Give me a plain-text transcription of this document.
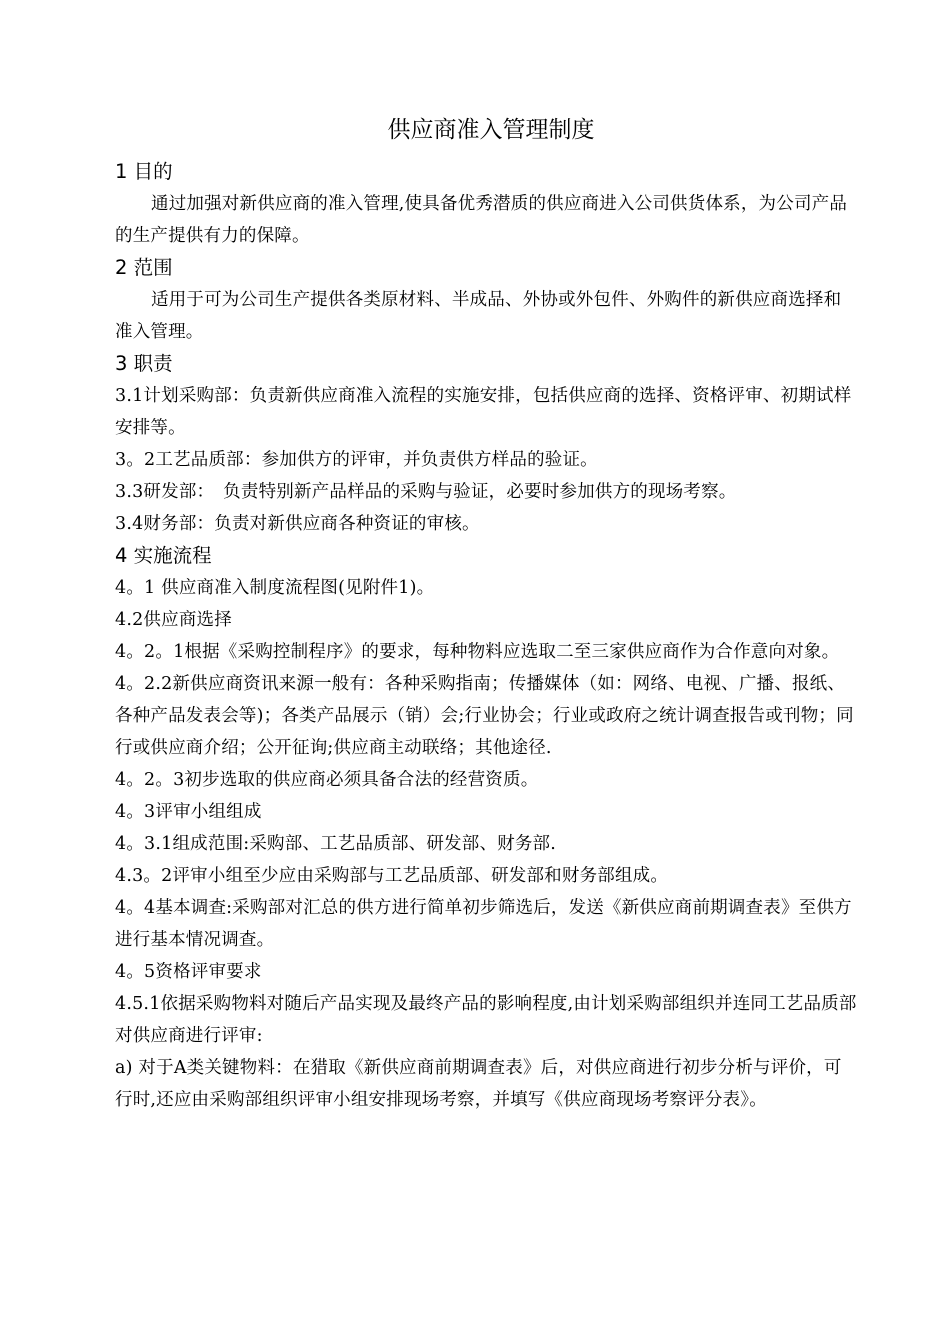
供应商准入管理制度
1 目的

通过加强对新供应商的准入管理,使具备优秀潜质的供应商进入公司供货体系，为公司产品的生产提供有力的保障。

2 范围

适用于可为公司生产提供各类原材料、半成品、外协或外包件、外购件的新供应商选择和准入管理。

3 职责

3.1计划采购部：负责新供应商准入流程的实施安排，包括供应商的选择、资格评审、初期试样安排等。

3。2工艺品质部：参加供方的评审，并负责供方样品的验证。

3.3研发部：　负责特别新产品样品的采购与验证，必要时参加供方的现场考察。

3.4财务部：负责对新供应商各种资证的审核。

4 实施流程

4。1 供应商准入制度流程图(见附件1)。

4.2供应商选择

4。2。1根据《采购控制程序》的要求，每种物料应选取二至三家供应商作为合作意向对象。

4。2.2新供应商资讯来源一般有：各种采购指南；传播媒体（如：网络、电视、广播、报纸、各种产品发表会等)；各类产品展示（销）会;行业协会；行业或政府之统计调查报告或刊物；同行或供应商介绍；公开征询;供应商主动联络；其他途径.

4。2。3初步选取的供应商必须具备合法的经营资质。

4。3评审小组组成

4。3.1组成范围:采购部、工艺品质部、研发部、财务部.

4.3。2评审小组至少应由采购部与工艺品质部、研发部和财务部组成。

4。4基本调查:采购部对汇总的供方进行简单初步筛选后，发送《新供应商前期调查表》至供方进行基本情况调查。

4。5资格评审要求

4.5.1依据采购物料对随后产品实现及最终产品的影响程度,由计划采购部组织并连同工艺品质部对供应商进行评审:

a) 对于A类关键物料：在猎取《新供应商前期调查表》后，对供应商进行初步分析与评价，可行时,还应由采购部组织评审小组安排现场考察，并填写《供应商现场考察评分表》。
